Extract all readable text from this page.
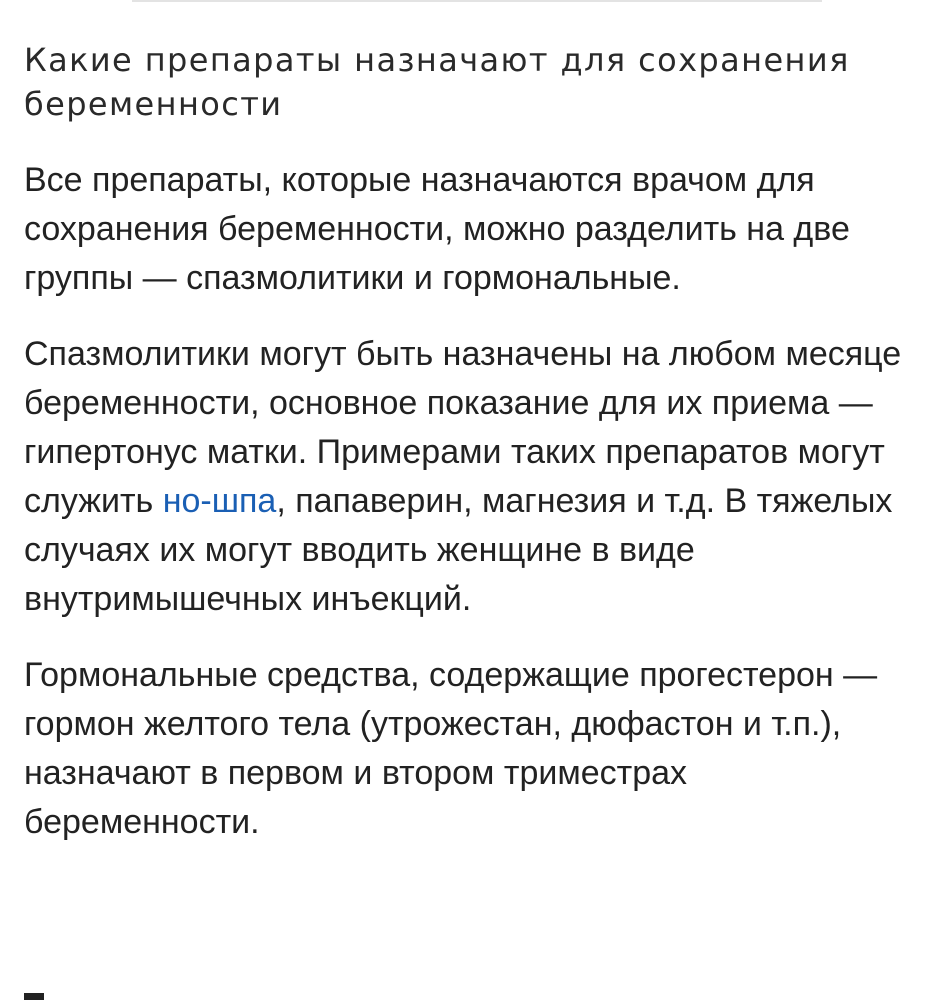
Какие препараты назначают для сохранения беременности

Все препараты, которые назначаются врачом для сохранения беременности, можно разделить на две группы — спазмолитики и гормональные.

Спазмолитики могут быть назначены на любом месяце беременности, основное показание для их приема — гипертонус матки. Примерами таких препаратов могут служить но-шпа, папаверин, магнезия и т.д. В тяжелых случаях их могут вводить женщине в виде внутримышечных инъекций.

Гормональные средства, содержащие прогестерон — гормон желтого тела (утрожестан, дюфастон и т.п.), назначают в первом и втором триместрах беременности.
